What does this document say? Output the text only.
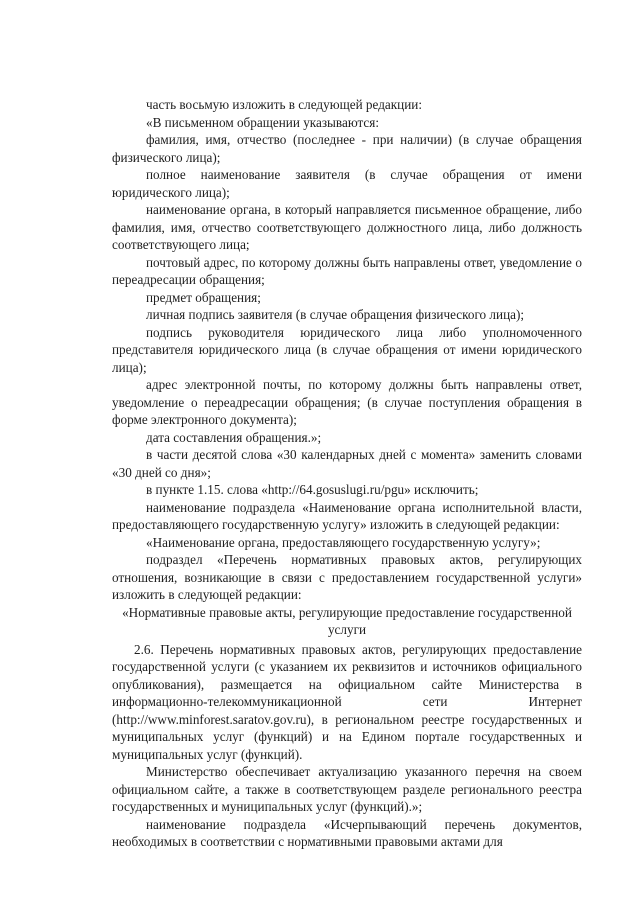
часть восьмую изложить в следующей редакции:

«В письменном обращении указываются:

фамилия, имя, отчество (последнее - при наличии) (в случае обращения физического лица);

полное наименование заявителя (в случае обращения от имени юридического лица);

наименование органа, в который направляется письменное обращение, либо фамилия, имя, отчество соответствующего должностного лица, либо должность соответствующего лица;

почтовый адрес, по которому должны быть направлены ответ, уведомление о переадресации обращения;

предмет обращения;

личная подпись заявителя (в случае обращения физического лица);

подпись руководителя юридического лица либо уполномоченного представителя юридического лица (в случае обращения от имени юридического лица);

адрес электронной почты, по которому должны быть направлены ответ, уведомление о переадресации обращения; (в случае поступления обращения в форме электронного документа);

дата составления обращения.»;

в части десятой слова «30 календарных дней с момента» заменить словами «30 дней со дня»;

в пункте 1.15. слова «http://64.gosuslugi.ru/pgu» исключить;

наименование подраздела «Наименование органа исполнительной власти, предоставляющего государственную услугу» изложить в следующей редакции:

«Наименование органа, предоставляющего государственную услугу»;

подраздел «Перечень нормативных правовых актов, регулирующих отношения, возникающие в связи с предоставлением государственной услуги» изложить в следующей редакции:

«Нормативные правовые акты, регулирующие предоставление государственной услуги

2.6. Перечень нормативных правовых актов, регулирующих предоставление государственной услуги (с указанием их реквизитов и источников официального опубликования), размещается на официальном сайте Министерства в информационно-телекоммуникационной сети Интернет (http://www.minforest.saratov.gov.ru), в региональном реестре государственных и муниципальных услуг (функций) и на Едином портале государственных и муниципальных услуг (функций).

Министерство обеспечивает актуализацию указанного перечня на своем официальном сайте, а также в соответствующем разделе регионального реестра государственных и муниципальных услуг (функций).»;

наименование подраздела «Исчерпывающий перечень документов, необходимых в соответствии с нормативными правовыми актами для
